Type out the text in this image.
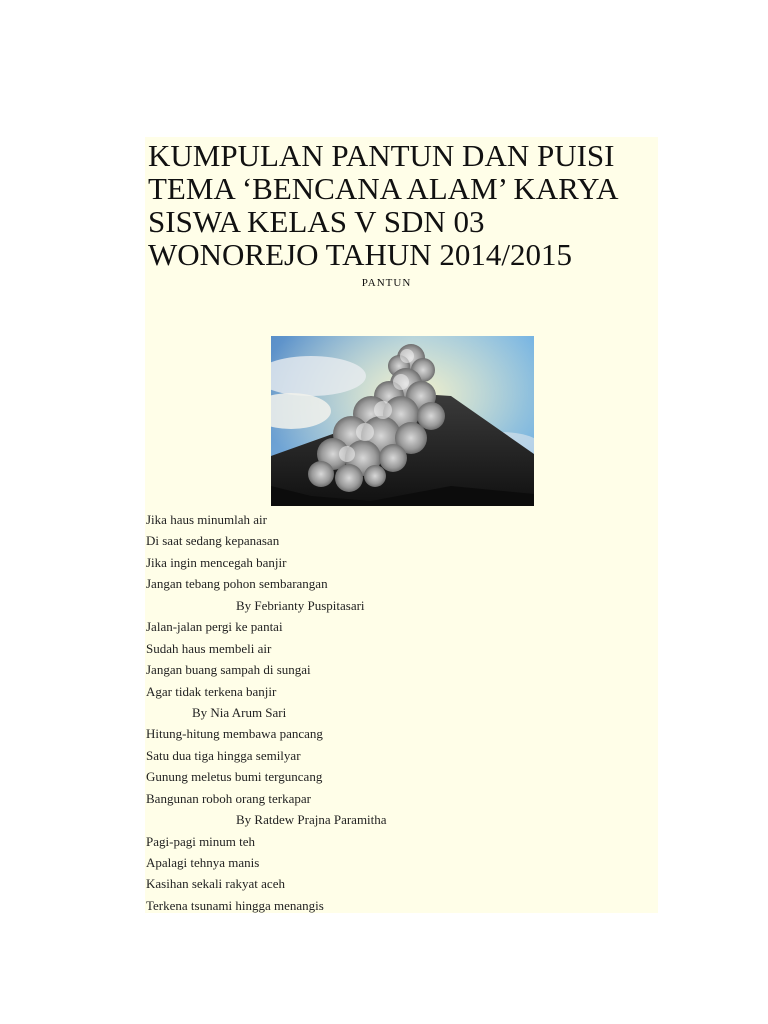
KUMPULAN PANTUN DAN PUISI TEMA ‘BENCANA ALAM’ KARYA SISWA KELAS V SDN 03 WONOREJO TAHUN 2014/2015
PANTUN
Jika haus minumlah air
Di saat sedang kepanasan
Jika ingin mencegah banjir
Jangan tebang pohon sembarangan
By Febrianty Puspitasari
Jalan-jalan pergi ke pantai
Sudah haus membeli air
Jangan buang sampah di sungai
Agar tidak terkena banjir
By Nia Arum Sari
Hitung-hitung membawa pancang
Satu dua tiga hingga semilyar
Gunung meletus bumi terguncang
Bangunan roboh orang terkapar
By Ratdew Prajna Paramitha
Pagi-pagi minum teh
Apalagi tehnya manis
Kasihan sekali rakyat aceh
Terkena tsunami hingga menangis
